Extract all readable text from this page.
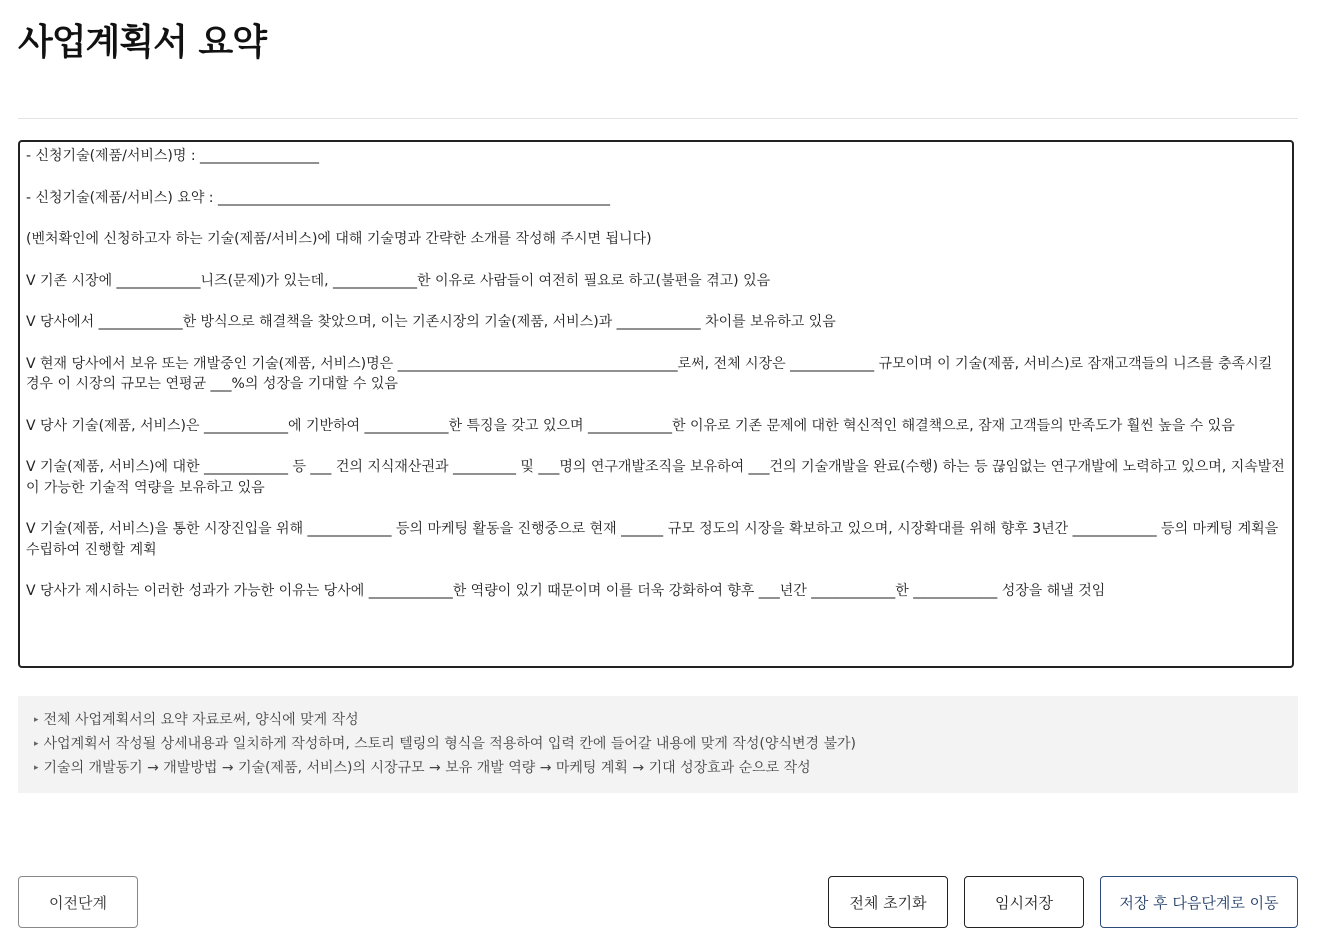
사업계획서 요약
- 신청기술(제품/서비스)명 : _________________
- 신청기술(제품/서비스) 요약 : ________________________________________________________
(벤처확인에 신청하고자 하는 기술(제품/서비스)에 대해 기술명과 간략한 소개를 작성해 주시면 됩니다)
V 기존 시장에 ____________니즈(문제)가 있는데, ____________한 이유로 사람들이 여전히 필요로 하고(불편을 겪고) 있음
V 당사에서 ____________한 방식으로 해결책을 찾았으며, 이는 기존시장의 기술(제품, 서비스)과 ____________ 차이를 보유하고 있음
V 현재 당사에서 보유 또는 개발중인 기술(제품, 서비스)명은 ________________________________________로써, 전체 시장은 ____________ 규모이며 이 기술(제품, 서비스)로 잠재고객들의 니즈를 충족시킬 경우 이 시장의 규모는 연평균 ___%의 성장을 기대할 수 있음
V 당사 기술(제품, 서비스)은 ____________에 기반하여 ____________한 특징을 갖고 있으며 ____________한 이유로 기존 문제에 대한 혁신적인 해결책으로, 잠재 고객들의 만족도가 훨씬 높을 수 있음
V 기술(제품, 서비스)에 대한 ____________ 등 ___ 건의 지식재산권과 _________ 및 ___명의 연구개발조직을 보유하여 ___건의 기술개발을 완료(수행) 하는 등 끊임없는 연구개발에 노력하고 있으며, 지속발전이 가능한 기술적 역량을 보유하고 있음
V 기술(제품, 서비스)을 통한 시장진입을 위해 ____________ 등의 마케팅 활동을 진행중으로 현재 ______ 규모 정도의 시장을 확보하고 있으며, 시장확대를 위해 향후 3년간 ____________ 등의 마케팅 계획을 수립하여 진행할 계획
V 당사가 제시하는 이러한 성과가 가능한 이유는 당사에 ____________한 역량이 있기 때문이며 이를 더욱 강화하여 향후 ___년간 ____________한 ____________ 성장을 해낼 것임
▸ 전체 사업계획서의 요약 자료로써, 양식에 맞게 작성
▸ 사업계획서 작성될 상세내용과 일치하게 작성하며, 스토리 텔링의 형식을 적용하여 입력 칸에 들어갈 내용에 맞게 작성(양식변경 불가)
▸ 기술의 개발동기 → 개발방법 → 기술(제품, 서비스)의 시장규모 → 보유 개발 역량 → 마케팅 계획 → 기대 성장효과 순으로 작성
이전단계	전체 초기화	임시저장	저장 후 다음단계로 이동
